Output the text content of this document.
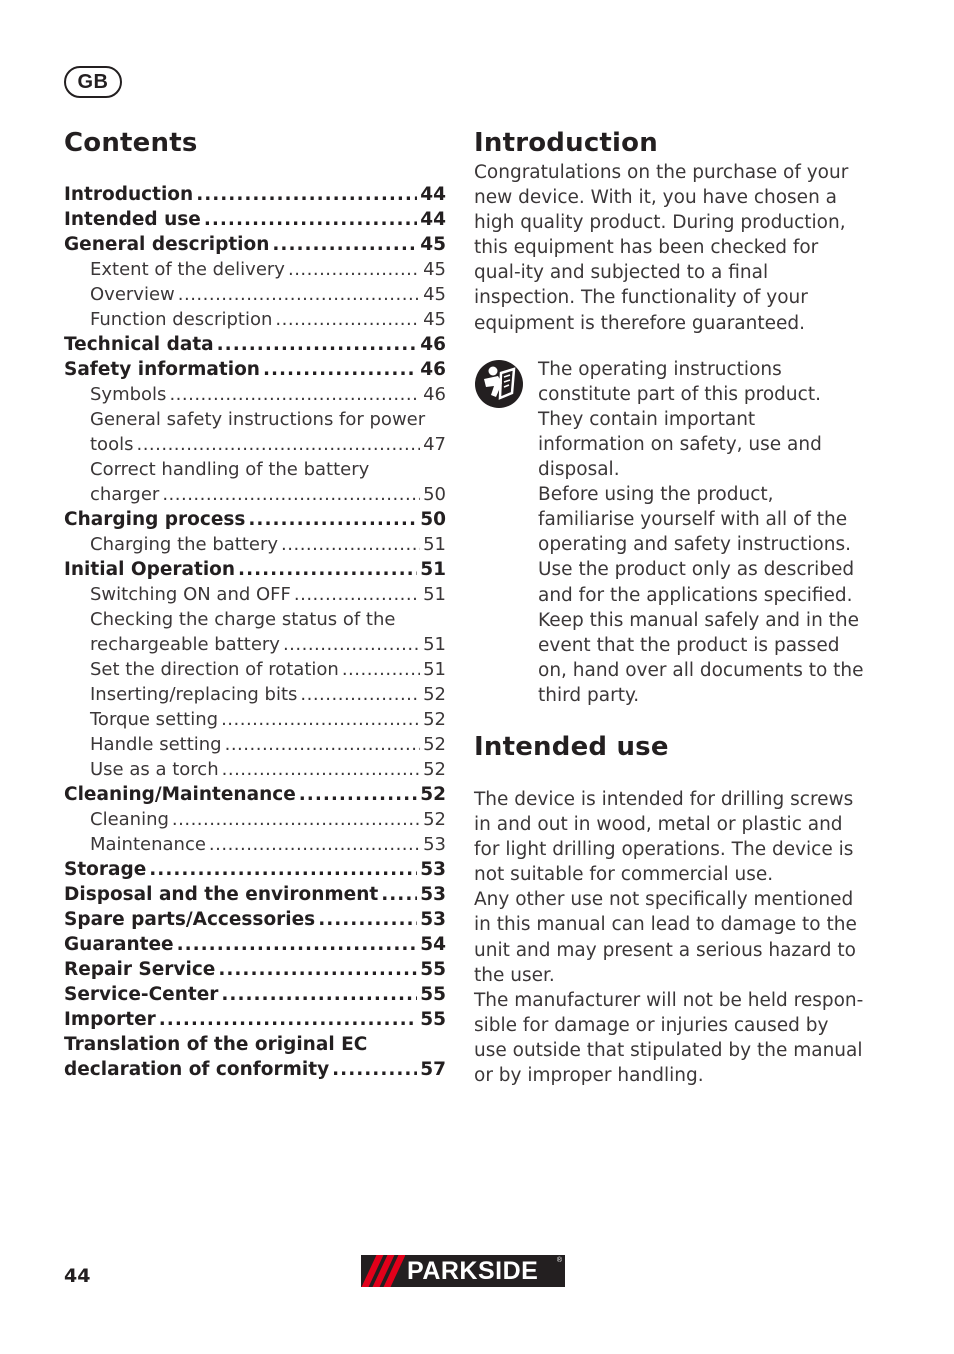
GB
Contents
Introduction .....	44
Intended use .....	44
General description .....	45
Extent of the delivery .....	45
Overview .....	45
Function description .....	45
Technical data .....	46
Safety information .....	46
Symbols .....	46
General safety instructions for power
tools .....	47
Correct handling of the battery
charger .....	50
Charging process .....	50
Charging the battery .....	51
Initial Operation .....	51
Switching ON and OFF .....	51
Checking the charge status of the
rechargeable battery .....	51
Set the direction of rotation .....	51
Inserting/replacing bits .....	52
Torque setting .....	52
Handle setting .....	52
Use as a torch .....	52
Cleaning/Maintenance .....	52
Cleaning .....	52
Maintenance .....	53
Storage .....	53
Disposal and the environment ..... 53
Spare parts/Accessories .....	53
Guarantee .....	54
Repair Service .....	55
Service-Center .....	55
Importer .....	55
Translation of the original EC
declaration of conformity .....	57
Introduction

Congratulations on the purchase of your new device. With it, you have chosen a high quality product. During production, this equipment has been checked for qual-ity and subjected to a final inspection. The functionality of your equipment is therefore guaranteed.

The operating instructions constitute part of this product. They contain important information on safety, use and disposal.

Before using the product, familiarise yourself with all of the operating and safety instructions. Use the product only as described and for the applications specified. Keep this manual safely and in the event that the product is passed on, hand over all documents to the third party.

Intended use

The device is intended for drilling screws in and out in wood, metal or plastic and for light drilling operations. The device is not suitable for commercial use.

Any other use not specifically mentioned in this manual can lead to damage to the unit and may present a serious hazard to the user.

The manufacturer will not be held respon-sible for damage or injuries caused by use outside that stipulated by the manual or by improper handling.

44	PARKSIDE	®
